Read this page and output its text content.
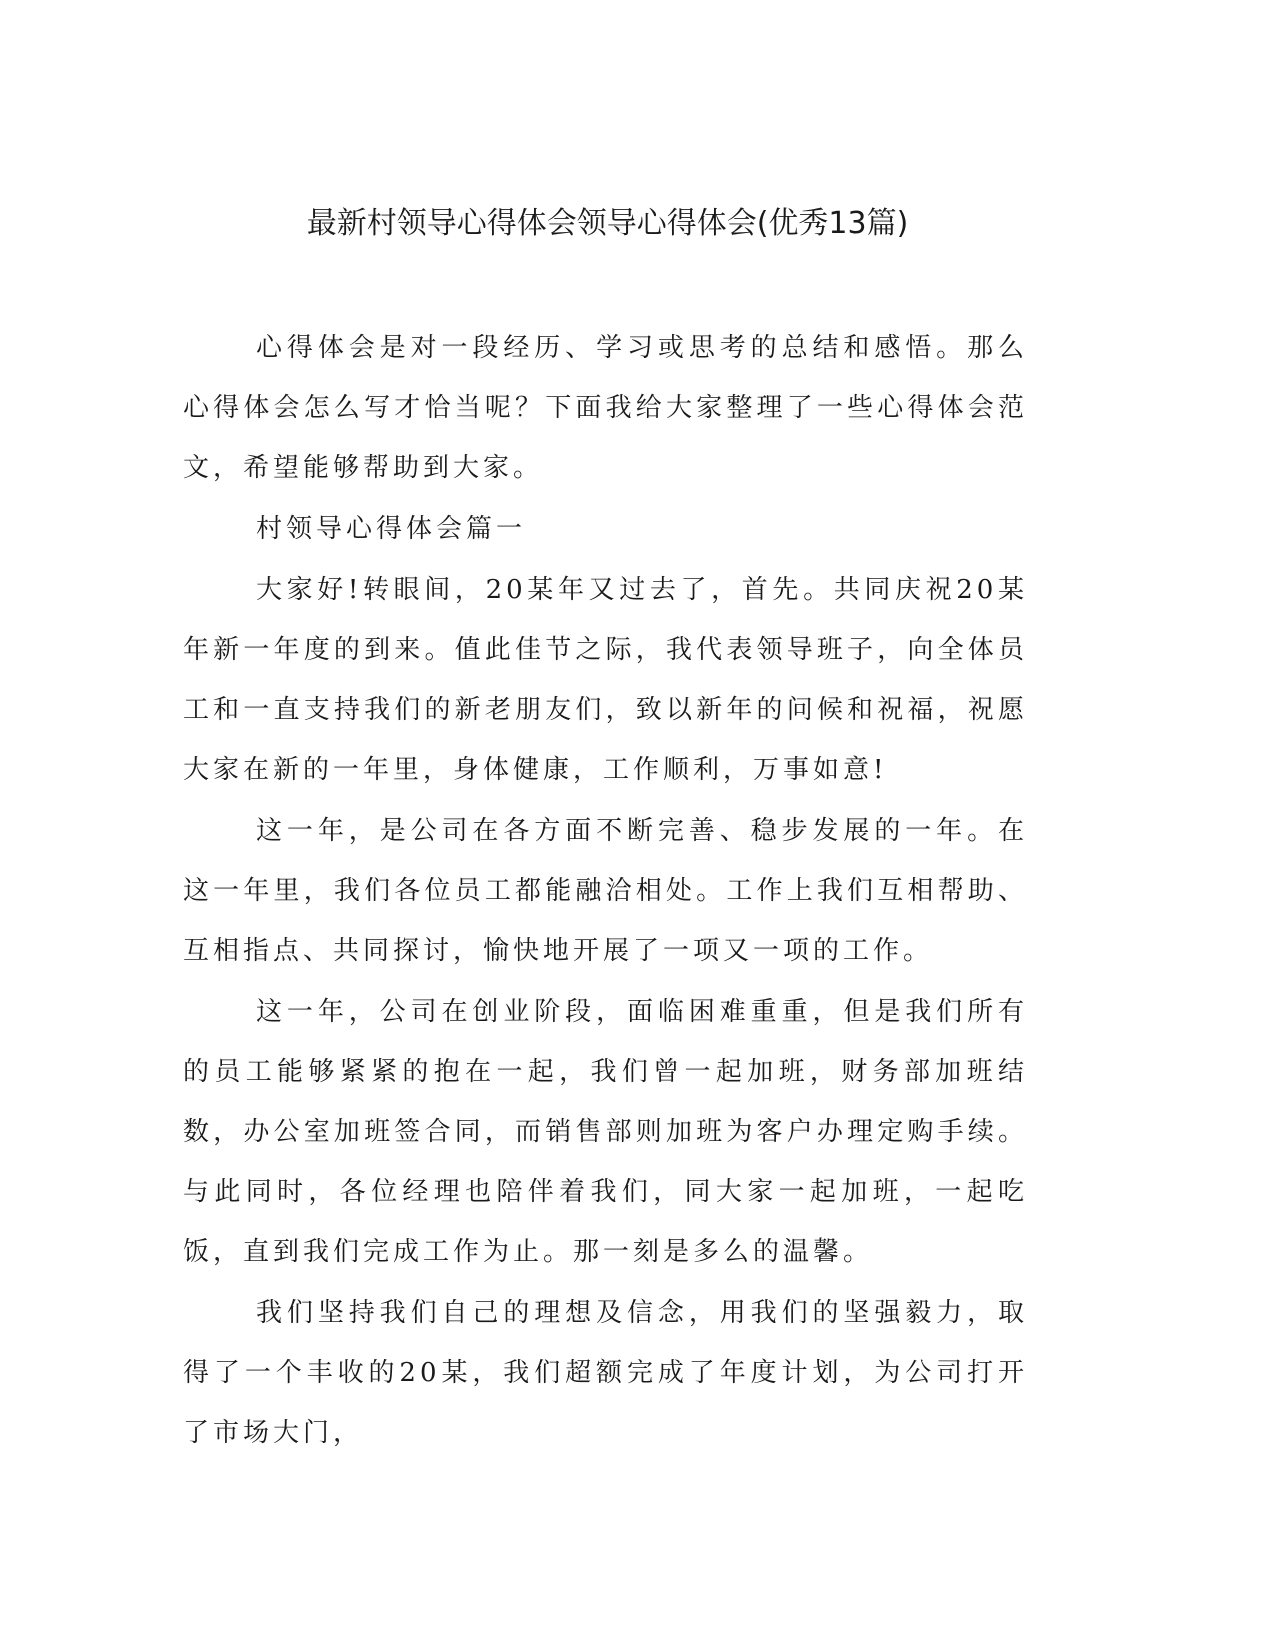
最新村领导心得体会领导心得体会(优秀13篇)

心得体会是对一段经历、学习或思考的总结和感悟。那么心得体会怎么写才恰当呢？下面我给大家整理了一些心得体会范文，希望能够帮助到大家。

村领导心得体会篇一

大家好!转眼间，20某年又过去了，首先。共同庆祝20某年新一年度的到来。值此佳节之际，我代表领导班子，向全体员工和一直支持我们的新老朋友们，致以新年的问候和祝福，祝愿大家在新的一年里，身体健康，工作顺利，万事如意!

这一年，是公司在各方面不断完善、稳步发展的一年。在这一年里，我们各位员工都能融洽相处。工作上我们互相帮助、互相指点、共同探讨，愉快地开展了一项又一项的工作。

这一年，公司在创业阶段，面临困难重重，但是我们所有的员工能够紧紧的抱在一起，我们曾一起加班，财务部加班结数，办公室加班签合同，而销售部则加班为客户办理定购手续。与此同时，各位经理也陪伴着我们，同大家一起加班，一起吃饭，直到我们完成工作为止。那一刻是多么的温馨。

我们坚持我们自己的理想及信念，用我们的坚强毅力，取得了一个丰收的20某，我们超额完成了年度计划，为公司打开了市场大门，
